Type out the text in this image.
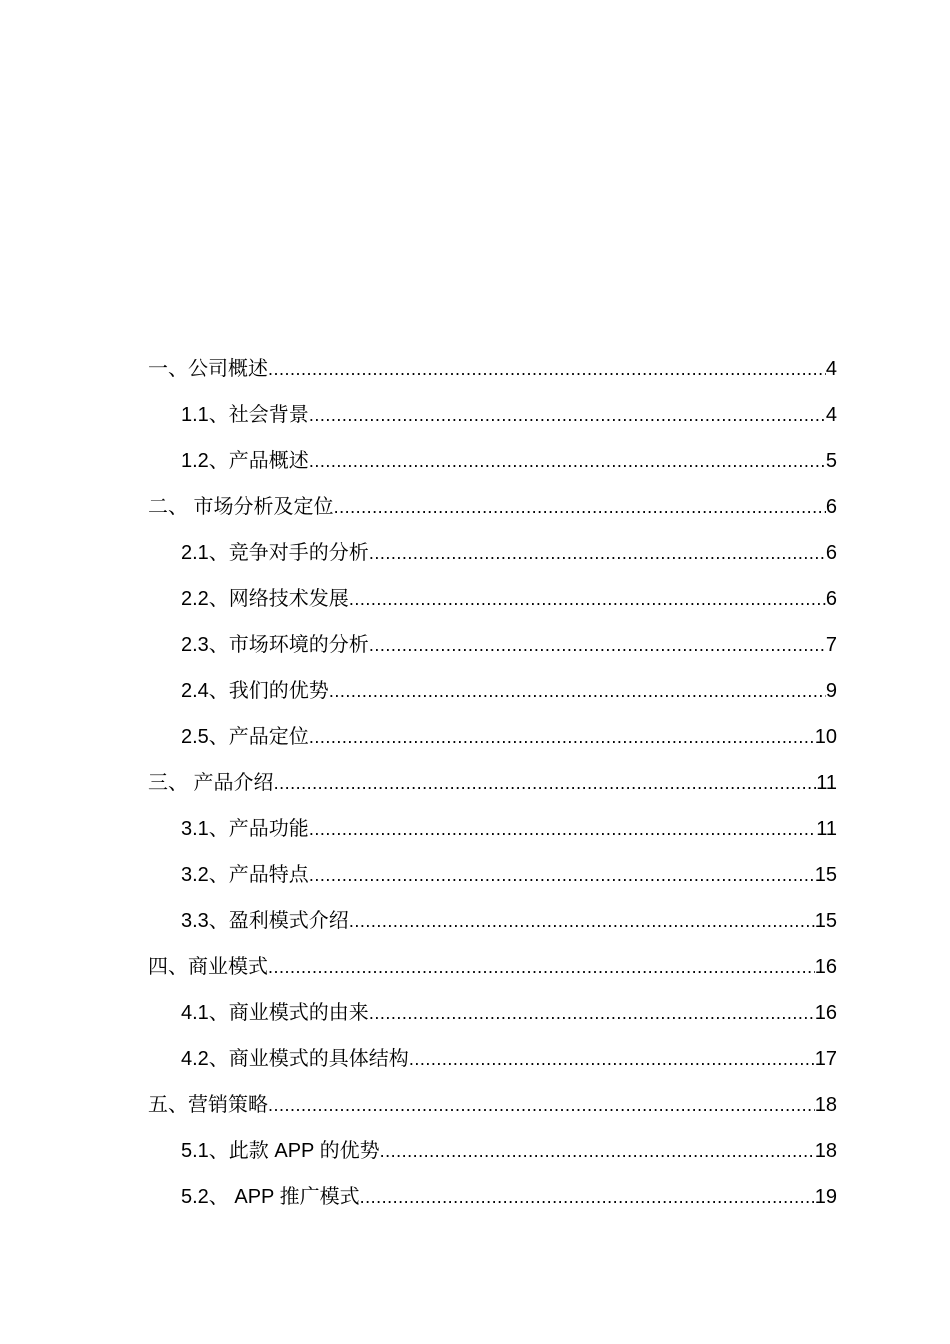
一、公司概述 .....	4
1.1、社会背景 .....	4
1.2、产品概述 .....	5
二、 市场分析及定位 .....	6
2.1、竞争对手的分析 .....	6
2.2、网络技术发展 .....	6
2.3、市场环境的分析 .....	7
2.4、我们的优势 .....	9
2.5、产品定位 .....	10
三、 产品介绍 .....	11
3.1、产品功能 .....	11
3.2、产品特点 .....	15
3.3、盈利模式介绍 .....	15
四、商业模式 .....	16
4.1、商业模式的由来 .....	16
4.2、商业模式的具体结构 .....	17
五、营销策略 .....	18
5.1、此款 APP 的优势 .....	18
5.2、 APP 推广模式 .....	19
